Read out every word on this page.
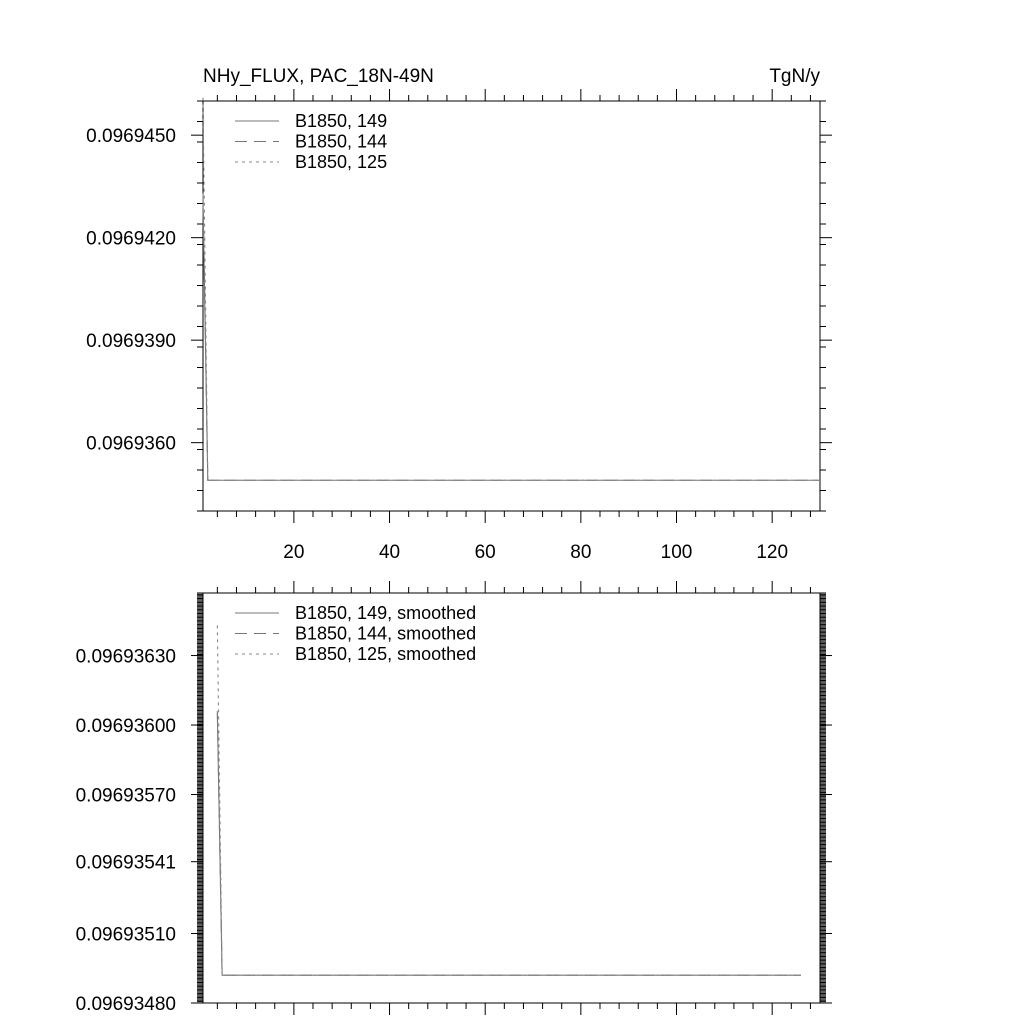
NHy_FLUX, PAC_18N-49N	TgN/y
20	40	60	80	100	120
0.0969360
0.0969390
0.0969420
0.0969450
B1850, 149
B1850, 144
B1850, 125
0.09693480
0.09693510
0.09693541
0.09693570
0.09693600
0.09693630
B1850, 149, smoothed
B1850, 144, smoothed
B1850, 125, smoothed
